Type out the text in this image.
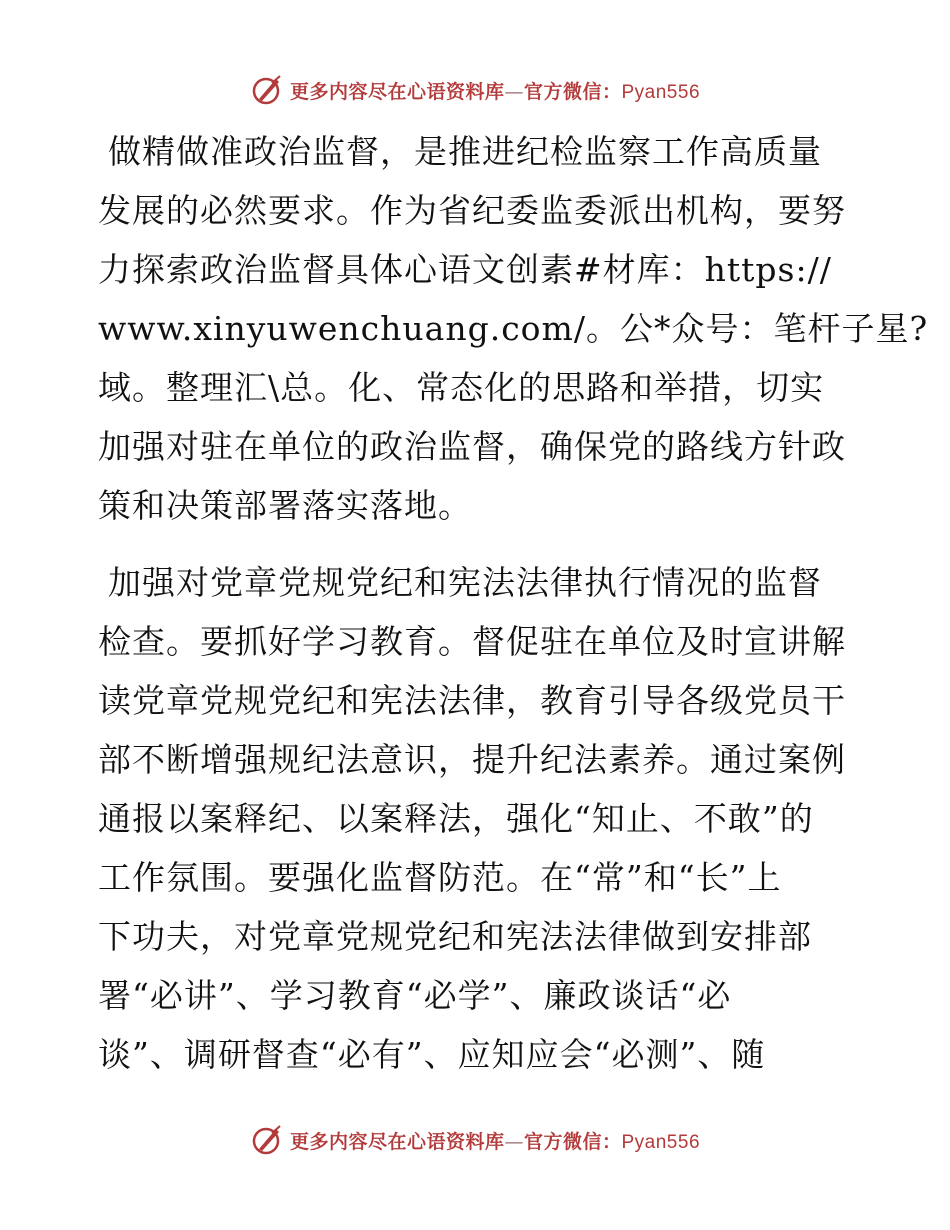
更多内容尽在心语资料库—官方微信：Pyan556

做精做准政治监督，是推进纪检监察工作高质量
发展的必然要求。作为省纪委监委派出机构，要努
力探索政治监督具体心语文创素#材库：https://
www.xinyuwenchuang.com/。公*众号：笔杆子星?
域。整理汇\总。化、常态化的思路和举措，切实
加强对驻在单位的政治监督，确保党的路线方针政
策和决策部署落实落地。

加强对党章党规党纪和宪法法律执行情况的监督
检查。要抓好学习教育。督促驻在单位及时宣讲解
读党章党规党纪和宪法法律，教育引导各级党员干
部不断增强规纪法意识，提升纪法素养。通过案例
通报以案释纪、以案释法，强化“知止、不敢”的
工作氛围。要强化监督防范。在“常”和“长”上
下功夫，对党章党规党纪和宪法法律做到安排部
署“必讲”、学习教育“必学”、廉政谈话“必
谈”、调研督查“必有”、应知应会“必测”、随

更多内容尽在心语资料库—官方微信：Pyan556
